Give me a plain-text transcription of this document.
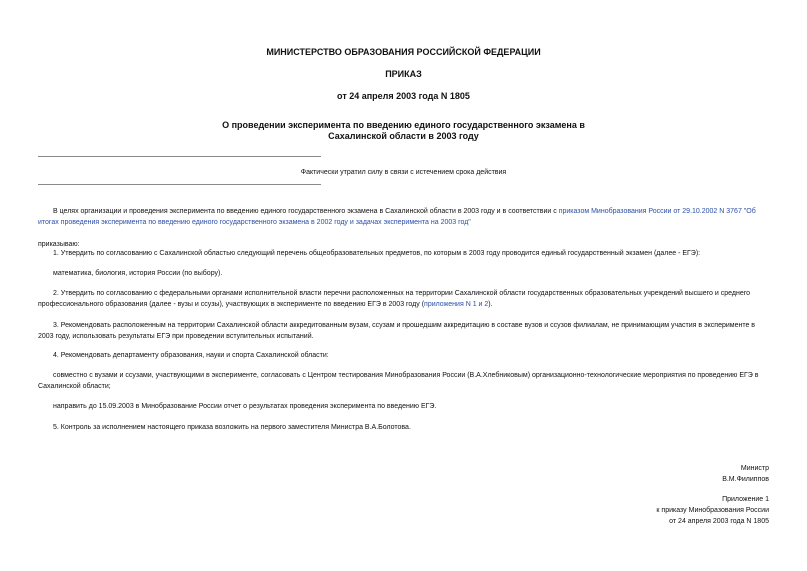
МИНИСТЕРСТВО ОБРАЗОВАНИЯ РОССИЙСКОЙ ФЕДЕРАЦИИ
ПРИКАЗ
от 24 апреля 2003 года N 1805
О проведении эксперимента по введению единого государственного экзамена в
Сахалинской области в 2003 году
Фактически утратил силу в связи с истечением срока действия
В целях организации и проведения эксперимента по введению единого государственного экзамена в Сахалинской области в 2003 году и в соответствии с приказом Минобразования России от 29.10.2002 N 3767 "Об итогах проведения эксперимента по введению единого государственного экзамена в 2002 году и задачах эксперимента на 2003 год"
приказываю:
1. Утвердить по согласованию с Сахалинской областью следующий перечень общеобразовательных предметов, по которым в 2003 году проводится единый государственный экзамен (далее - ЕГЭ):
математика, биология, история России (по выбору).
2. Утвердить по согласованию с федеральными органами исполнительной власти перечни расположенных на территории Сахалинской области государственных образовательных учреждений высшего и среднего профессионального образования (далее - вузы и ссузы), участвующих в эксперименте по введению ЕГЭ в 2003 году (приложения N 1 и 2).
3. Рекомендовать расположенным на территории Сахалинской области аккредитованным вузам, ссузам и прошедшим аккредитацию в составе вузов и ссузов филиалам, не принимающим участия в эксперименте в 2003 году, использовать результаты ЕГЭ при проведении вступительных испытаний.
4. Рекомендовать департаменту образования, науки и спорта Сахалинской области:
совместно с вузами и ссузами, участвующими в эксперименте, согласовать с Центром тестирования Минобразования России (В.А.Хлебниковым) организационно-технологические мероприятия по проведению ЕГЭ в Сахалинской области;
направить до 15.09.2003 в Минобразование России отчет о результатах проведения эксперимента по введению ЕГЭ.
5. Контроль за исполнением настоящего приказа возложить на первого заместителя Министра В.А.Болотова.
Министр
В.М.Филиппов
Приложение 1
к приказу Минобразования России
от 24 апреля 2003 года N 1805
